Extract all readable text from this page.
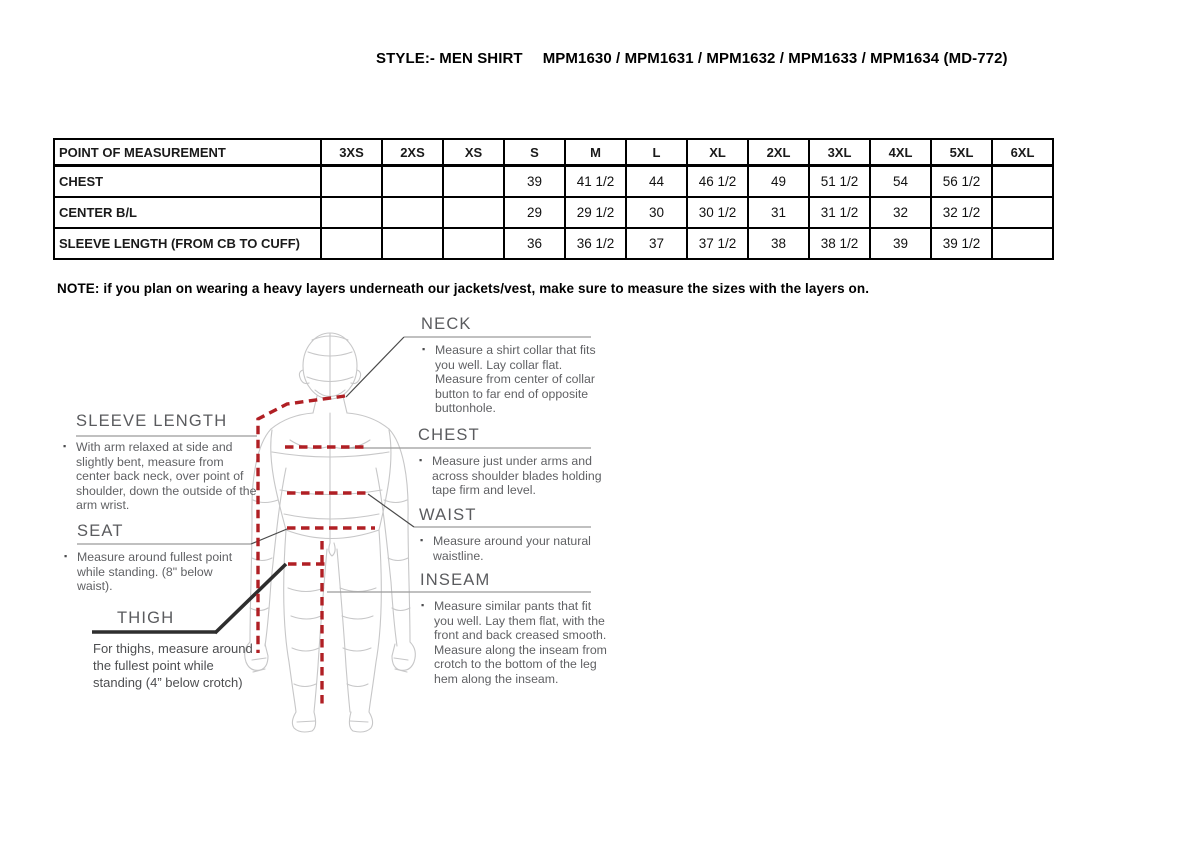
STYLE:- MEN SHIRT MPM1630 / MPM1631 / MPM1632 / MPM1633 / MPM1634 (MD-772)
POINT OF MEASUREMENT	3XS	2XS	XS	S	M	L	XL	2XL	3XL	4XL	5XL	6XL
CHEST				39	41 1/2	44	46 1/2	49	51 1/2	54	56 1/2	
CENTER B/L				29	29 1/2	30	30 1/2	31	31 1/2	32	32 1/2	
SLEEVE LENGTH (FROM CB TO CUFF)				36	36 1/2	37	37 1/2	38	38 1/2	39	39 1/2	
NOTE: if you plan on wearing a heavy layers underneath our jackets/vest, make sure to measure the sizes with the layers on.
NECK
▪ Measure a shirt collar that fits you well. Lay collar flat. Measure from center of collar button to far end of opposite buttonhole.
CHEST
▪ Measure just under arms and across shoulder blades holding tape firm and level.
WAIST
▪ Measure around your natural waistline.
INSEAM
▪ Measure similar pants that fit you well. Lay them flat, with the front and back creased smooth. Measure along the inseam from crotch to the bottom of the leg hem along the inseam.
SLEEVE LENGTH
▪ With arm relaxed at side and slightly bent, measure from center back neck, over point of shoulder, down the outside of the arm wrist.
SEAT
▪ Measure around fullest point while standing. (8" below waist).
THIGH
For thighs, measure around the fullest point while standing (4” below crotch)
